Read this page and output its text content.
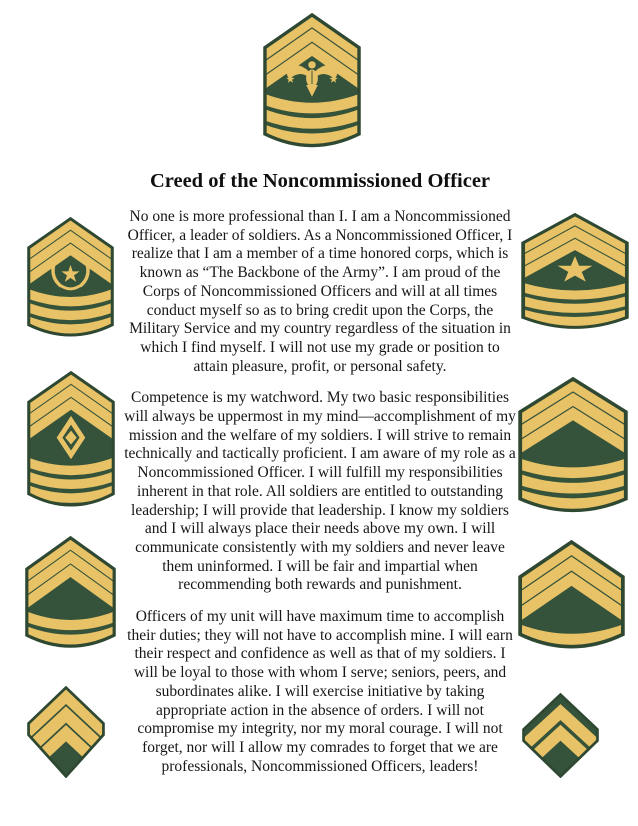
Creed of the Noncommissioned Officer

No one is more professional than I. I am a Noncommissioned Officer, a leader of soldiers. As a Noncommissioned Officer, I realize that I am a member of a time honored corps, which is known as “The Backbone of the Army”. I am proud of the Corps of Noncommissioned Officers and will at all times conduct myself so as to bring credit upon the Corps, the Military Service and my country regardless of the situation in which I find myself. I will not use my grade or position to attain pleasure, profit, or personal safety.

Competence is my watchword. My two basic responsibilities will always be uppermost in my mind—accomplishment of my mission and the welfare of my soldiers. I will strive to remain technically and tactically proficient. I am aware of my role as a Noncommissioned Officer. I will fulfill my responsibilities inherent in that role. All soldiers are entitled to outstanding leadership; I will provide that leadership. I know my soldiers and I will always place their needs above my own. I will communicate consistently with my soldiers and never leave them uninformed. I will be fair and impartial when recommending both rewards and punishment.

Officers of my unit will have maximum time to accomplish their duties; they will not have to accomplish mine. I will earn their respect and confidence as well as that of my soldiers. I will be loyal to those with whom I serve; seniors, peers, and subordinates alike. I will exercise initiative by taking appropriate action in the absence of orders. I will not compromise my integrity, nor my moral courage. I will not forget, nor will I allow my comrades to forget that we are professionals, Noncommissioned Officers, leaders!
